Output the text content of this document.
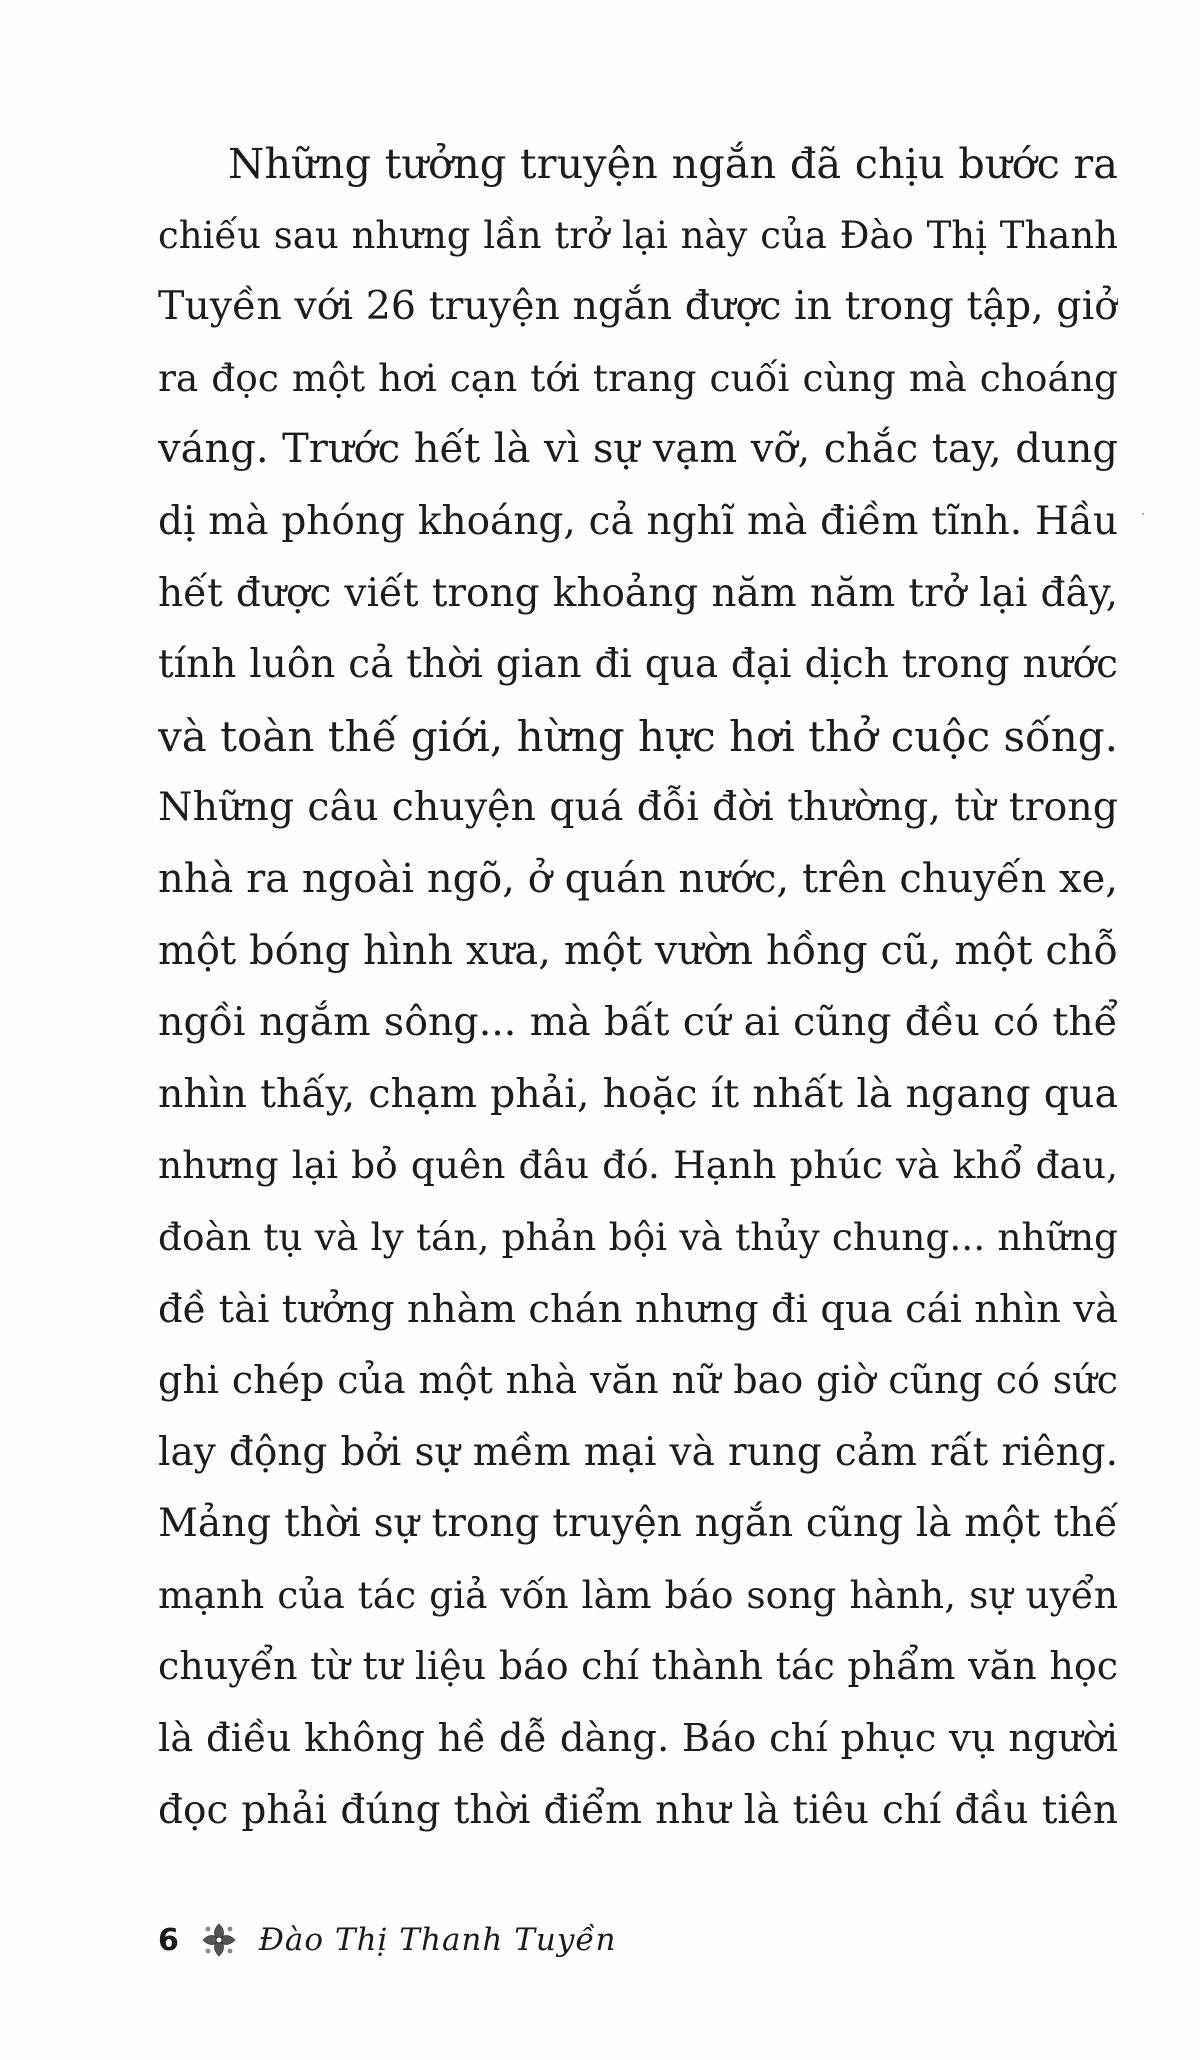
Những tưởng truyện ngắn đã chịu bước ra
chiếu sau nhưng lần trở lại này của Đào Thị Thanh
Tuyền với 26 truyện ngắn được in trong tập, giở
ra đọc một hơi cạn tới trang cuối cùng mà choáng
váng. Trước hết là vì sự vạm vỡ, chắc tay, dung
dị mà phóng khoáng, cả nghĩ mà điềm tĩnh. Hầu
hết được viết trong khoảng năm năm trở lại đây,
tính luôn cả thời gian đi qua đại dịch trong nước
và toàn thế giới, hừng hực hơi thở cuộc sống.
Những câu chuyện quá đỗi đời thường, từ trong
nhà ra ngoài ngõ, ở quán nước, trên chuyến xe,
một bóng hình xưa, một vườn hồng cũ, một chỗ
ngồi ngắm sông... mà bất cứ ai cũng đều có thể
nhìn thấy, chạm phải, hoặc ít nhất là ngang qua
nhưng lại bỏ quên đâu đó. Hạnh phúc và khổ đau,
đoàn tụ và ly tán, phản bội và thủy chung... những
đề tài tưởng nhàm chán nhưng đi qua cái nhìn và
ghi chép của một nhà văn nữ bao giờ cũng có sức
lay động bởi sự mềm mại và rung cảm rất riêng.
Mảng thời sự trong truyện ngắn cũng là một thế
mạnh của tác giả vốn làm báo song hành, sự uyển
chuyển từ tư liệu báo chí thành tác phẩm văn học
là điều không hề dễ dàng. Báo chí phục vụ người
đọc phải đúng thời điểm như là tiêu chí đầu tiên
6	Đào Thị Thanh Tuyền
